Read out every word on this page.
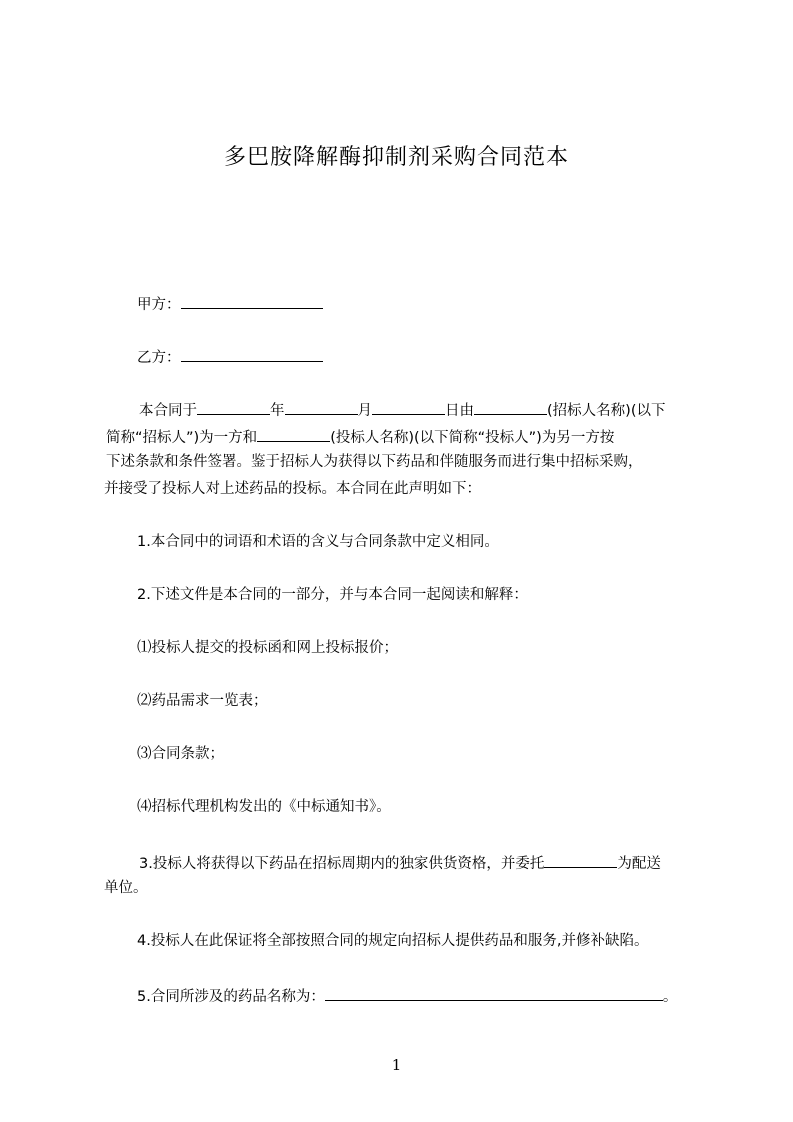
多巴胺降解酶抑制剂采购合同范本
甲方：
乙方：
本合同于	年	月	日由	(招标人名称)(以下
简称“招标人”)为一方和	(投标人名称)(以下简称“投标人”)为另一方按
下述条款和条件签署。鉴于招标人为获得以下药品和伴随服务而进行集中招标采购，
并接受了投标人对上述药品的投标。本合同在此声明如下：
1.本合同中的词语和术语的含义与合同条款中定义相同。
2.下述文件是本合同的一部分，并与本合同一起阅读和解释：
⑴投标人提交的投标函和网上投标报价；
⑵药品需求一览表；
⑶合同条款；
⑷招标代理机构发出的《中标通知书》。
3.投标人将获得以下药品在招标周期内的独家供货资格，并委托	为配送
单位。
4.投标人在此保证将全部按照合同的规定向招标人提供药品和服务,并修补缺陷。
5.合同所涉及的药品名称为：	。
1
